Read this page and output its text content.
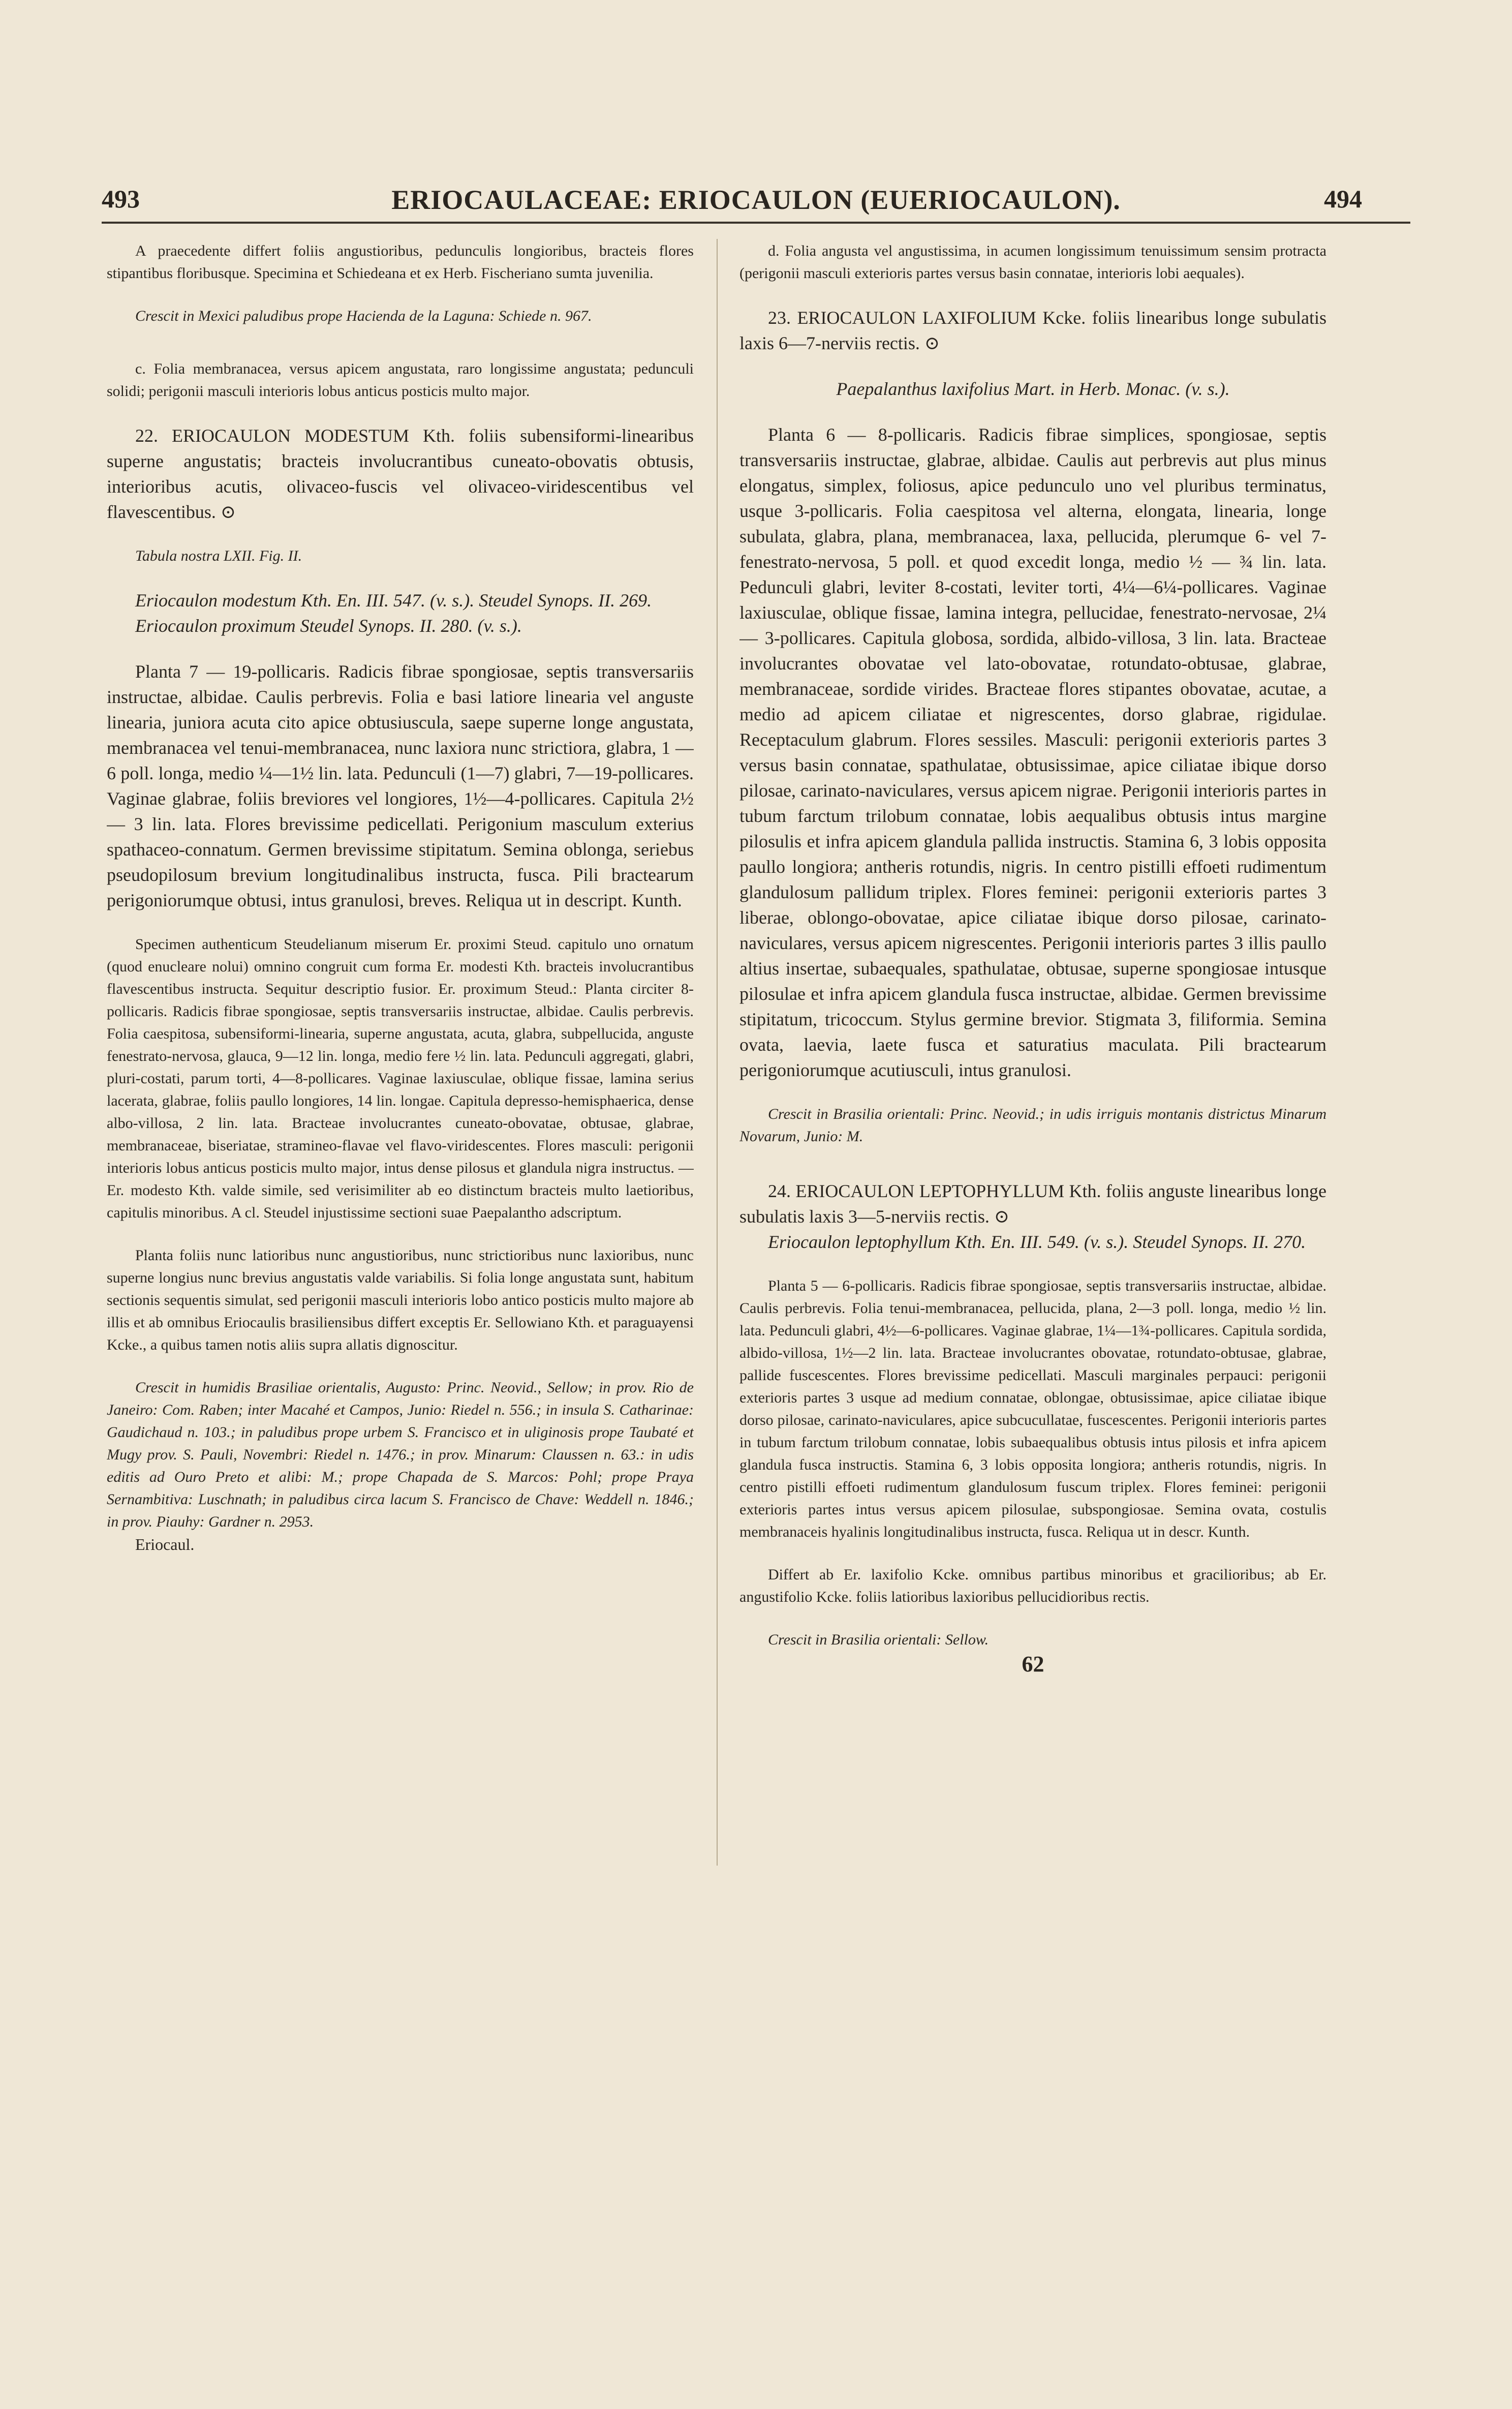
493	ERIOCAULACEAE: ERIOCAULON (EUERIOCAULON).	494

A praecedente differt foliis angustioribus, pedunculis longioribus, bracteis flores stipantibus floribusque. Specimina et Schiedeana et ex Herb. Fischeriano sumta juvenilia.

Crescit in Mexici paludibus prope Hacienda de la Laguna: Schiede n. 967.

c. Folia membranacea, versus apicem angustata, raro longissime angustata; pedunculi solidi; perigonii masculi interioris lobus anticus posticis multo major.

22. ERIOCAULON MODESTUM Kth. foliis subensiformi-linearibus superne angustatis; bracteis involucrantibus cuneato-obovatis obtusis, interioribus acutis, olivaceo-fuscis vel olivaceo-viridescentibus vel flavescentibus. ⊙

Tabula nostra LXII. Fig. II.

Eriocaulon modestum Kth. En. III. 547. (v. s.). Steudel Synops. II. 269.

Eriocaulon proximum Steudel Synops. II. 280. (v. s.).

Planta 7 — 19-pollicaris. Radicis fibrae spongiosae, septis transversariis instructae, albidae. Caulis perbrevis. Folia e basi latiore linearia vel anguste linearia, juniora acuta cito apice obtusiuscula, saepe superne longe angustata, membranacea vel tenui-membranacea, nunc laxiora nunc strictiora, glabra, 1 — 6 poll. longa, medio ¼—1½ lin. lata. Pedunculi (1—7) glabri, 7—19-pollicares. Vaginae glabrae, foliis breviores vel longiores, 1½—4-pollicares. Capitula 2½ — 3 lin. lata. Flores brevissime pedicellati. Perigonium masculum exterius spathaceo-connatum. Germen brevissime stipitatum. Semina oblonga, seriebus pseudopilosum brevium longitudinalibus instructa, fusca. Pili bractearum perigoniorumque obtusi, intus granulosi, breves. Reliqua ut in descript. Kunth.

Specimen authenticum Steudelianum miserum Er. proximi Steud. capitulo uno ornatum (quod enucleare nolui) omnino congruit cum forma Er. modesti Kth. bracteis involucrantibus flavescentibus instructa. Sequitur descriptio fusior. Er. proximum Steud.: Planta circiter 8-pollicaris. Radicis fibrae spongiosae, septis transversariis instructae, albidae. Caulis perbrevis. Folia caespitosa, subensiformi-linearia, superne angustata, acuta, glabra, subpellucida, anguste fenestrato-nervosa, glauca, 9—12 lin. longa, medio fere ½ lin. lata. Pedunculi aggregati, glabri, pluri-costati, parum torti, 4—8-pollicares. Vaginae laxiusculae, oblique fissae, lamina serius lacerata, glabrae, foliis paullo longiores, 14 lin. longae. Capitula depresso-hemisphaerica, dense albo-villosa, 2 lin. lata. Bracteae involucrantes cuneato-obovatae, obtusae, glabrae, membranaceae, biseriatae, stramineo-flavae vel flavo-viridescentes. Flores masculi: perigonii interioris lobus anticus posticis multo major, intus dense pilosus et glandula nigra instructus. — Er. modesto Kth. valde simile, sed verisimiliter ab eo distinctum bracteis multo laetioribus, capitulis minoribus. A cl. Steudel injustissime sectioni suae Paepalantho adscriptum.

Planta foliis nunc latioribus nunc angustioribus, nunc strictioribus nunc laxioribus, nunc superne longius nunc brevius angustatis valde variabilis. Si folia longe angustata sunt, habitum sectionis sequentis simulat, sed perigonii masculi interioris lobo antico posticis multo majore ab illis et ab omnibus Eriocaulis brasiliensibus differt exceptis Er. Sellowiano Kth. et paraguayensi Kcke., a quibus tamen notis aliis supra allatis dignoscitur.

Crescit in humidis Brasiliae orientalis, Augusto: Princ. Neovid., Sellow; in prov. Rio de Janeiro: Com. Raben; inter Macahé et Campos, Junio: Riedel n. 556.; in insula S. Catharinae: Gaudichaud n. 103.; in paludibus prope urbem S. Francisco et in uliginosis prope Taubaté et Mugy prov. S. Pauli, Novembri: Riedel n. 1476.; in prov. Minarum: Claussen n. 63.: in udis editis ad Ouro Preto et alibi: M.; prope Chapada de S. Marcos: Pohl; prope Praya Sernambitiva: Luschnath; in paludibus circa lacum S. Francisco de Chave: Weddell n. 1846.; in prov. Piauhy: Gardner n. 2953.

Eriocaul.

d. Folia angusta vel angustissima, in acumen longissimum tenuissimum sensim protracta (perigonii masculi exterioris partes versus basin connatae, interioris lobi aequales).

23. ERIOCAULON LAXIFOLIUM Kcke. foliis linearibus longe subulatis laxis 6—7-nerviis rectis. ⊙

Paepalanthus laxifolius Mart. in Herb. Monac. (v. s.).

Planta 6 — 8-pollicaris. Radicis fibrae simplices, spongiosae, septis transversariis instructae, glabrae, albidae. Caulis aut perbrevis aut plus minus elongatus, simplex, foliosus, apice pedunculo uno vel pluribus terminatus, usque 3-pollicaris. Folia caespitosa vel alterna, elongata, linearia, longe subulata, glabra, plana, membranacea, laxa, pellucida, plerumque 6- vel 7-fenestrato-nervosa, 5 poll. et quod excedit longa, medio ½ — ¾ lin. lata. Pedunculi glabri, leviter 8-costati, leviter torti, 4¼—6¼-pollicares. Vaginae laxiusculae, oblique fissae, lamina integra, pellucidae, fenestrato-nervosae, 2¼ — 3-pollicares. Capitula globosa, sordida, albido-villosa, 3 lin. lata. Bracteae involucrantes obovatae vel lato-obovatae, rotundato-obtusae, glabrae, membranaceae, sordide virides. Bracteae flores stipantes obovatae, acutae, a medio ad apicem ciliatae et nigrescentes, dorso glabrae, rigidulae. Receptaculum glabrum. Flores sessiles. Masculi: perigonii exterioris partes 3 versus basin connatae, spathulatae, obtusissimae, apice ciliatae ibique dorso pilosae, carinato-naviculares, versus apicem nigrae. Perigonii interioris partes in tubum farctum trilobum connatae, lobis aequalibus obtusis intus margine pilosulis et infra apicem glandula pallida instructis. Stamina 6, 3 lobis opposita paullo longiora; antheris rotundis, nigris. In centro pistilli effoeti rudimentum glandulosum pallidum triplex. Flores feminei: perigonii exterioris partes 3 liberae, oblongo-obovatae, apice ciliatae ibique dorso pilosae, carinato-naviculares, versus apicem nigrescentes. Perigonii interioris partes 3 illis paullo altius insertae, subaequales, spathulatae, obtusae, superne spongiosae intusque pilosulae et infra apicem glandula fusca instructae, albidae. Germen brevissime stipitatum, tricoccum. Stylus germine brevior. Stigmata 3, filiformia. Semina ovata, laevia, laete fusca et saturatius maculata. Pili bractearum perigoniorumque acutiusculi, intus granulosi.

Crescit in Brasilia orientali: Princ. Neovid.; in udis irriguis montanis districtus Minarum Novarum, Junio: M.

24. ERIOCAULON LEPTOPHYLLUM Kth. foliis anguste linearibus longe subulatis laxis 3—5-nerviis rectis. ⊙

Eriocaulon leptophyllum Kth. En. III. 549. (v. s.). Steudel Synops. II. 270.

Planta 5 — 6-pollicaris. Radicis fibrae spongiosae, septis transversariis instructae, albidae. Caulis perbrevis. Folia tenui-membranacea, pellucida, plana, 2—3 poll. longa, medio ½ lin. lata. Pedunculi glabri, 4½—6-pollicares. Vaginae glabrae, 1¼—1¾-pollicares. Capitula sordida, albido-villosa, 1½—2 lin. lata. Bracteae involucrantes obovatae, rotundato-obtusae, glabrae, pallide fuscescentes. Flores brevissime pedicellati. Masculi marginales perpauci: perigonii exterioris partes 3 usque ad medium connatae, oblongae, obtusissimae, apice ciliatae ibique dorso pilosae, carinato-naviculares, apice subcucullatae, fuscescentes. Perigonii interioris partes in tubum farctum trilobum connatae, lobis subaequalibus obtusis intus pilosis et infra apicem glandula fusca instructis. Stamina 6, 3 lobis opposita longiora; antheris rotundis, nigris. In centro pistilli effoeti rudimentum glandulosum fuscum triplex. Flores feminei: perigonii exterioris partes intus versus apicem pilosulae, subspongiosae. Semina ovata, costulis membranaceis hyalinis longitudinalibus instructa, fusca. Reliqua ut in descr. Kunth.

Differt ab Er. laxifolio Kcke. omnibus partibus minoribus et gracilioribus; ab Er. angustifolio Kcke. foliis latioribus laxioribus pellucidioribus rectis.

Crescit in Brasilia orientali: Sellow.

62
